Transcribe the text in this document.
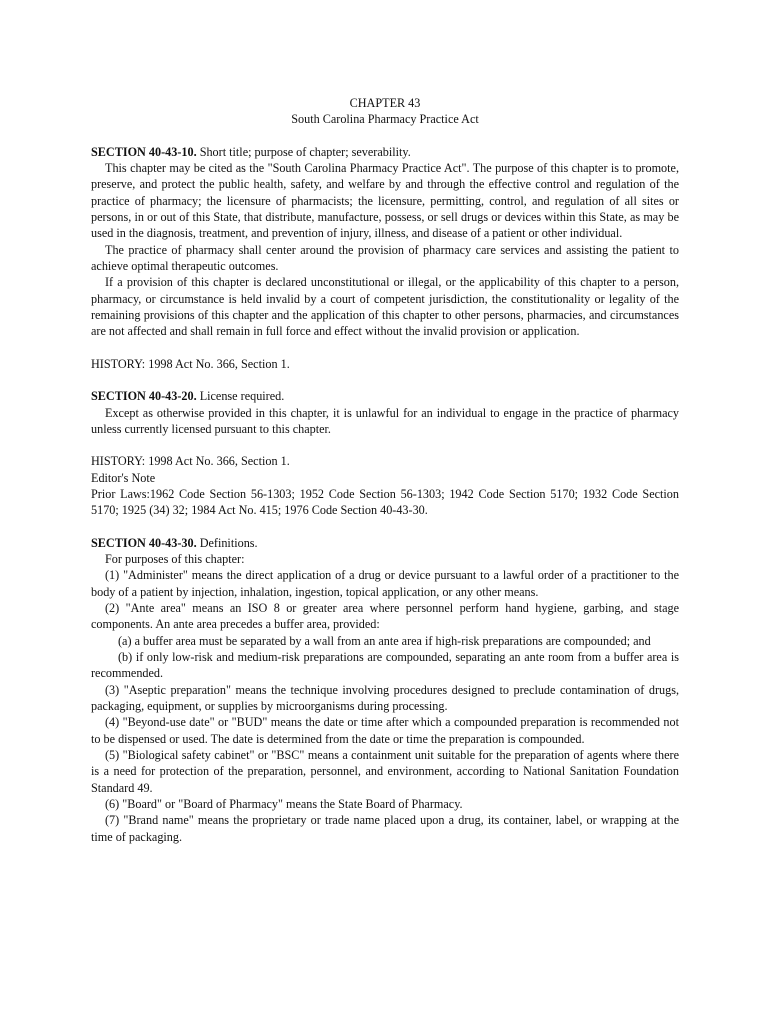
CHAPTER 43
South Carolina Pharmacy Practice Act
SECTION 40-43-10. Short title; purpose of chapter; severability.

This chapter may be cited as the "South Carolina Pharmacy Practice Act". The purpose of this chapter is to promote, preserve, and protect the public health, safety, and welfare by and through the effective control and regulation of the practice of pharmacy; the licensure of pharmacists; the licensure, permitting, control, and regulation of all sites or persons, in or out of this State, that distribute, manufacture, possess, or sell drugs or devices within this State, as may be used in the diagnosis, treatment, and prevention of injury, illness, and disease of a patient or other individual.

The practice of pharmacy shall center around the provision of pharmacy care services and assisting the patient to achieve optimal therapeutic outcomes.

If a provision of this chapter is declared unconstitutional or illegal, or the applicability of this chapter to a person, pharmacy, or circumstance is held invalid by a court of competent jurisdiction, the constitutionality or legality of the remaining provisions of this chapter and the application of this chapter to other persons, pharmacies, and circumstances are not affected and shall remain in full force and effect without the invalid provision or application.

HISTORY: 1998 Act No. 366, Section 1.
SECTION 40-43-20. License required.

Except as otherwise provided in this chapter, it is unlawful for an individual to engage in the practice of pharmacy unless currently licensed pursuant to this chapter.

HISTORY: 1998 Act No. 366, Section 1.
Editor's Note

Prior Laws:1962 Code Section 56-1303; 1952 Code Section 56-1303; 1942 Code Section 5170; 1932 Code Section 5170; 1925 (34) 32; 1984 Act No. 415; 1976 Code Section 40-43-30.

SECTION 40-43-30. Definitions.

For purposes of this chapter:

(1) "Administer" means the direct application of a drug or device pursuant to a lawful order of a practitioner to the body of a patient by injection, inhalation, ingestion, topical application, or any other means.

(2) "Ante area" means an ISO 8 or greater area where personnel perform hand hygiene, garbing, and stage components. An ante area precedes a buffer area, provided:

(a) a buffer area must be separated by a wall from an ante area if high-risk preparations are compounded; and

(b) if only low-risk and medium-risk preparations are compounded, separating an ante room from a buffer area is recommended.

(3) "Aseptic preparation" means the technique involving procedures designed to preclude contamination of drugs, packaging, equipment, or supplies by microorganisms during processing.

(4) "Beyond-use date" or "BUD" means the date or time after which a compounded preparation is recommended not to be dispensed or used. The date is determined from the date or time the preparation is compounded.

(5) "Biological safety cabinet" or "BSC" means a containment unit suitable for the preparation of agents where there is a need for protection of the preparation, personnel, and environment, according to National Sanitation Foundation Standard 49.

(6) "Board" or "Board of Pharmacy" means the State Board of Pharmacy.

(7) "Brand name" means the proprietary or trade name placed upon a drug, its container, label, or wrapping at the time of packaging.
